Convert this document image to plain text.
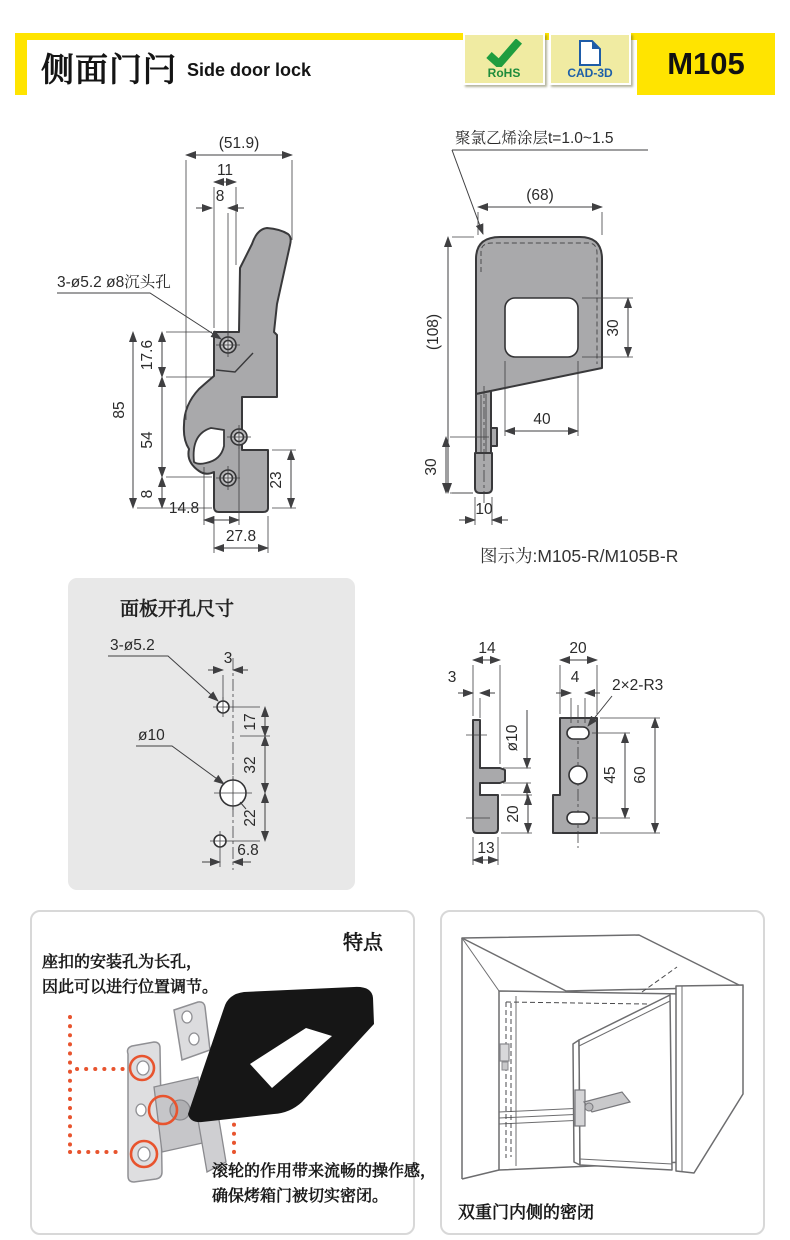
侧面门闩 Side door lock	RoHS	CAD-3D	M105
(51.9)
11
8
3-ø5.2 ø8沉头孔
17.6
85
54
8
23
14.8
27.8
聚氯乙烯涂层t=1.0~1.5
(68)
(108)	30
40
30
10
图示为:M105-R/M105B-R
面板开孔尺寸
3-ø5.2
ø10
3
17
32
22
6.8
14
3
ø10
20
13
20
4 2×2-R3
45 60
特点
座扣的安装孔为长孔，
因此可以进行位置调节。
滚轮的作用带来流畅的操作感，
确保烤箱门被切实密闭。
双重门内侧的密闭
